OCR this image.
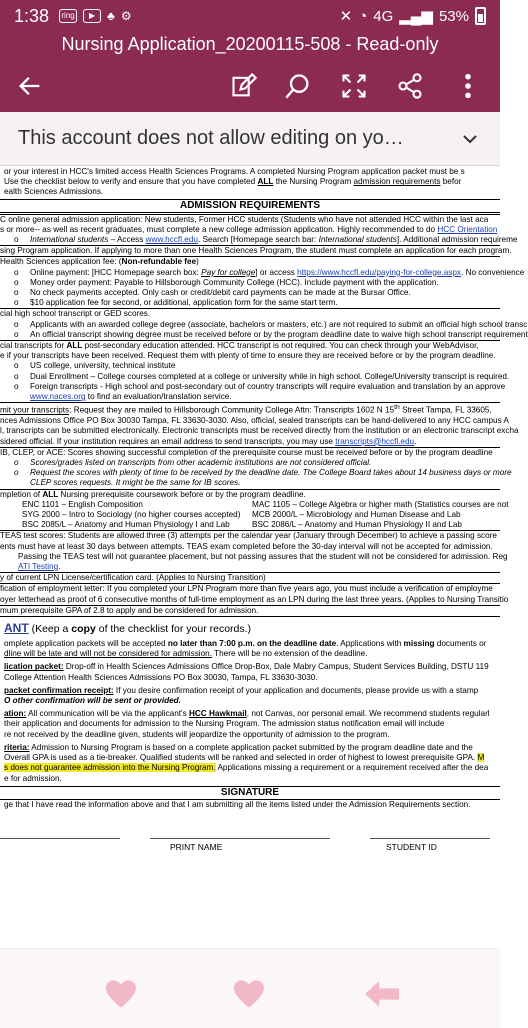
1:38 ring	▶ ♣ ⚙	✕ ◔ 4G ▂▄▆ 53%
Nursing Application_20200115-508 - Read-only
This account does not allow editing on yo…
or your interest in HCC's limited access Health Sciences Programs. A completed Nursing Program application packet must be s
Use the checklist below to verify and ensure that you have completed ALL the Nursing Program admission requirements befor
ealth Sciences Admissions.
ADMISSION REQUIREMENTS
C online general admission application: New students, Former HCC students (Students who have not attended HCC within the last aca
s or more-- as well as recent graduates, must complete a new college admission application. Highly recommended to do HCC Orientation
o International students – Access www.hccfl.edu. Search [Homepage search bar: International students]. Additional admission requireme
sing Program application. If applying to more than one Health Sciences Program, the student must complete an application for each program.
Health Sciences application fee: (Non-refundable fee)
o Online payment: [HCC Homepage search box: Pay for college] or access https://www.hccfl.edu/paying-for-college.aspx. No convenience
o Money order payment: Payable to Hillsborough Community College (HCC). Include payment with the application.
o No check payments accepted. Only cash or credit/debit card payments can be made at the Bursar Office.
o $10 application fee for second, or additional, application form for the same start term.
cial high school transcript or GED scores.
o Applicants with an awarded college degree (associate, bachelors or masters, etc.) are not required to submit an official high school transc
o An official transcript showing degree must be received before or by the program deadline date to waive high school transcript requirement
cial transcripts for ALL post-secondary education attended. HCC transcript is not required. You can check through your WebAdvisor,
e if your transcripts have been received. Request them with plenty of time to ensure they are received before or by the program deadline.
o US college, university, technical institute
o Dual Enrollment – College courses completed at a college or university while in high school. College/University transcript is required.
o Foreign transcripts - High school and post-secondary out of country transcripts will require evaluation and translation by an approve
www.naces.org to find an evaluation/translation service.
mit your transcripts: Request they are mailed to Hillsborough Community College Attn: Transcripts 1602 N 15th Street Tampa, FL 33605,
nces Admissions Office PO Box 30030 Tampa, FL 33630-3030. Also, official, sealed transcripts can be hand-delivered to any HCC campus A
l, transcripts can be submitted electronically. Electronic transcripts must be received directly from the institution or an electronic transcript excha
sidered official. If your institution requires an email address to send transcripts, you may use transcripts@hccfl.edu.
IB, CLEP, or ACE: Scores showing successful completion of the prerequisite course must be received before or by the program deadline
o Scores/grades listed on transcripts from other academic institutions are not considered official.
o Request the scores with plenty of time to be received by the deadline date. The College Board takes about 14 business days or more
CLEP scores requests. It might be the same for IB scores.
mpletion of ALL Nursing prerequisite coursework before or by the program deadline.
ENC 1101 – English Composition	MAC 1105 – College Algebra or higher math (Statistics courses are not
SYG 2000 – Intro to Sociology (no higher courses accepted)	MCB 2000/L – Microbiology and Human Disease and Lab
BSC 2085/L – Anatomy and Human Physiology I and Lab	BSC 2086/L – Anatomy and Human Physiology II and Lab
TEAS test scores: Students are allowed three (3) attempts per the calendar year (January through December) to achieve a passing score
ents must have at least 30 days between attempts. TEAS exam completed before the 30-day interval will not be accepted for admission.
Passing the TEAS test will not guarantee placement, but not passing assures that the student will not be considered for admission. Reg
ATI Testing.
y of current LPN License/certification card. (Applies to Nursing Transition)
fication of employment letter: If you completed your LPN Program more than five years ago, you must include a verification of employme
oyer letterhead as proof of 6 consecutive months of full-time employment as an LPN during the last three years. (Applies to Nursing Transitio
mum prerequisite GPA of 2.8 to apply and be considered for admission.
ANT (Keep a copy of the checklist for your records.)
omplete application packets will be accepted no later than 7:00 p.m. on the deadline date. Applications with missing documents or
dline will be late and will not be considered for admission. There will be no extension of the deadline.
lication packet: Drop-off in Health Sciences Admissions Office Drop-Box, Dale Mabry Campus, Student Services Building, DSTU 119
College Attention Health Sciences Admissions PO Box 30030, Tampa, FL 33630-3030.
packet confirmation receipt: If you desire confirmation receipt of your application and documents, please provide us with a stamp
O other confirmation will be sent or provided.
ation: All communication will be via the applicant's HCC Hawkmail, not Canvas, nor personal email. We recommend students regularl
their application and documents for admission to the Nursing Program. The admission status notification email will include
re not received by the deadline given, students will jeopardize the opportunity of admission to the program.
riteria: Admission to Nursing Program is based on a complete application packet submitted by the program deadline date and the
Overall GPA is used as a tie-breaker. Qualified students will be ranked and selected in order of highest to lowest prerequisite GPA. M
s does not guarantee admission into the Nursing Program. Applications missing a requirement or a requirement received after the dea
e for admission.
SIGNATURE
ge that I have read the information above and that I am submitting all the items listed under the Admission Requirements section.
PRINT NAME	STUDENT ID
